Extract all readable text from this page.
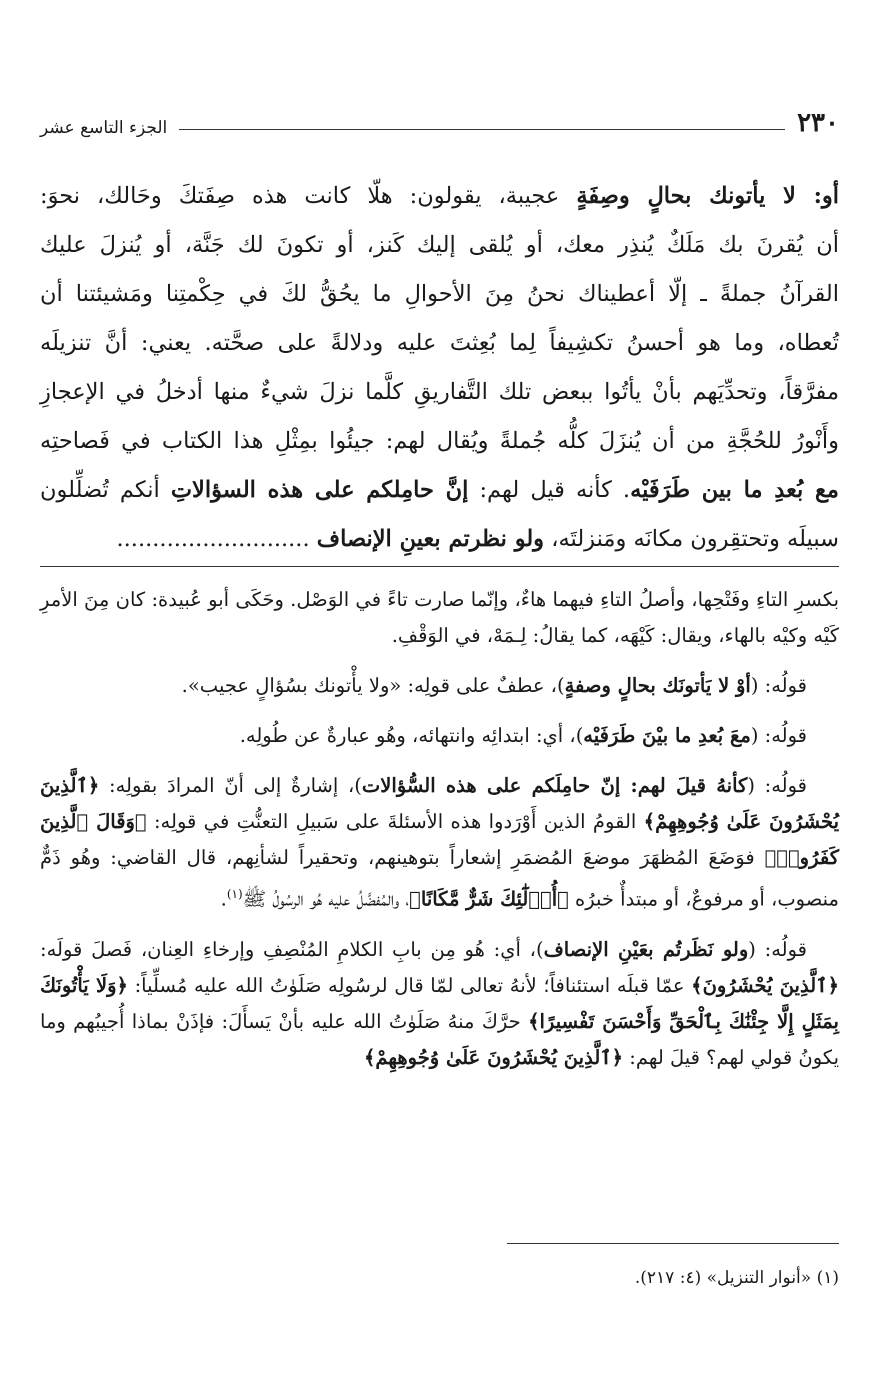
٢٣٠
الجزء التاسع عشر
أو: لا يأتونك بحالٍ وصِفَةٍ عجيبة، يقولون: هلّا كانت هذه صِفَتكَ وحَالك، نحوَ:
أن يُقرنَ بك مَلَكٌ يُنذِر معك، أو يُلقى إليك كَنز، أو تكونَ لك جَنَّة، أو يُنزلَ عليك
القرآنُ جملةً ـ إلّا أعطيناك نحنُ مِنَ الأحوالِ ما يحُقُّ لكَ في حِكْمتِنا ومَشيئتنا أن
تُعطاه، وما هو أحسنُ تكشِيفاً لِما بُعِثتَ عليه ودلالةً على صحَّته. يعني: أنَّ تنزيلَه
مفرَّقاً، وتحدِّيَهم بأنْ يأتُوا ببعض تلك التَّفاريقِ كلَّما نزلَ شيءٌ منها أدخلُ في الإعجازِ
وأَنْورُ للحُجَّةِ من أن يُنزَلَ كلُّه جُملةً ويُقال لهم: جيئُوا بمِثْلِ هذا الكتاب في فَصاحتِه
مع بُعدِ ما بين طَرَفَيْه. كأنه قيل لهم: إنَّ حامِلكم على هذه السؤالاتِ أنكم تُضلِّلون
سبيلَه وتحتقِرون مكانَه ومَنزلتَه، ولو نظرتم بعينِ الإنصاف ...........................

بكسرِ التاءِ وفَتْحِها، وأصلُ التاءِ فيهما هاءٌ، وإنّما صارت تاءً في الوَصْل. وحَكَى أبو عُبيدة: كان مِنَ الأمرِ كَيْه وكيْه بالهاء، ويقال: كَيْهَه، كما يقالُ: لِـمَهْ، في الوَقْفِ.

قولُه: (أوْ لا يَأتونَك بحالٍ وصفةٍ)، عطفٌ على قولِه: «ولا يأْتونك بسُؤالٍ عجيب».

قولُه: (معَ بُعدِ ما بيْنَ طَرَفَيْه)، أي: ابتدائِه وانتهائه، وهُو عبارةٌ عن طُولِه.

قولُه: (كأنهُ قيلَ لهم: إنّ حامِلَكم على هذه السُّؤالات)، إشارةٌ إلى أنّ المرادَ بقولِه: ﴿ٱلَّذِينَ يُحْشَرُونَ عَلَىٰ وُجُوهِهِمْ﴾ القومُ الذين أَوْرَدوا هذه الأسئلةَ على سَبيلِ التعنُّتِ في قولِه: ﴿وَقَالَ ٱلَّذِينَ كَفَرُوا۟﴾ فوَضَعَ المُظهَرَ موضعَ المُضمَرِ إشعاراً بتوهينهم، وتحقيراً لشأنِهم، قال القاضي: وهُو ذَمٌّ منصوب، أو مرفوعٌ، أو مبتدأٌ خبرُه ﴿أُو۟لَٰٓئِكَ شَرٌّ مَّكَانًا﴾، والمُفضَّلُ عليه هُو الرسُولُ ﷺ$^{(١)}$.

قولُه: (ولو نَظَرتُم بعَيْنِ الإنصاف)، أي: هُو مِن بابِ الكلامِ المُنْصِفِ وإرخاءِ العِنان، فَصلَ قولَه: ﴿ٱلَّذِينَ يُحْشَرُونَ﴾ عمّا قبلَه استئنافاً؛ لأنهُ تعالى لمّا قال لرسُولِه صَلَوٰتُ الله عليه مُسلِّياً: ﴿وَلَا يَأْتُونَكَ بِمَثَلٍ إِلَّا جِئْنَٰكَ بِٱلْحَقِّ وَأَحْسَنَ تَفْسِيرًا﴾ حرَّكَ منهُ صَلَوٰتُ الله عليه بأنْ يَسأَلَ: فإذَنْ بماذا أُجيبُهم وما يكونُ قولي لهم؟ قيلَ لهم: ﴿ٱلَّذِينَ يُحْشَرُونَ عَلَىٰ وُجُوهِهِمْ﴾

(١) «أنوار التنزيل» (٤: ٢١٧).
